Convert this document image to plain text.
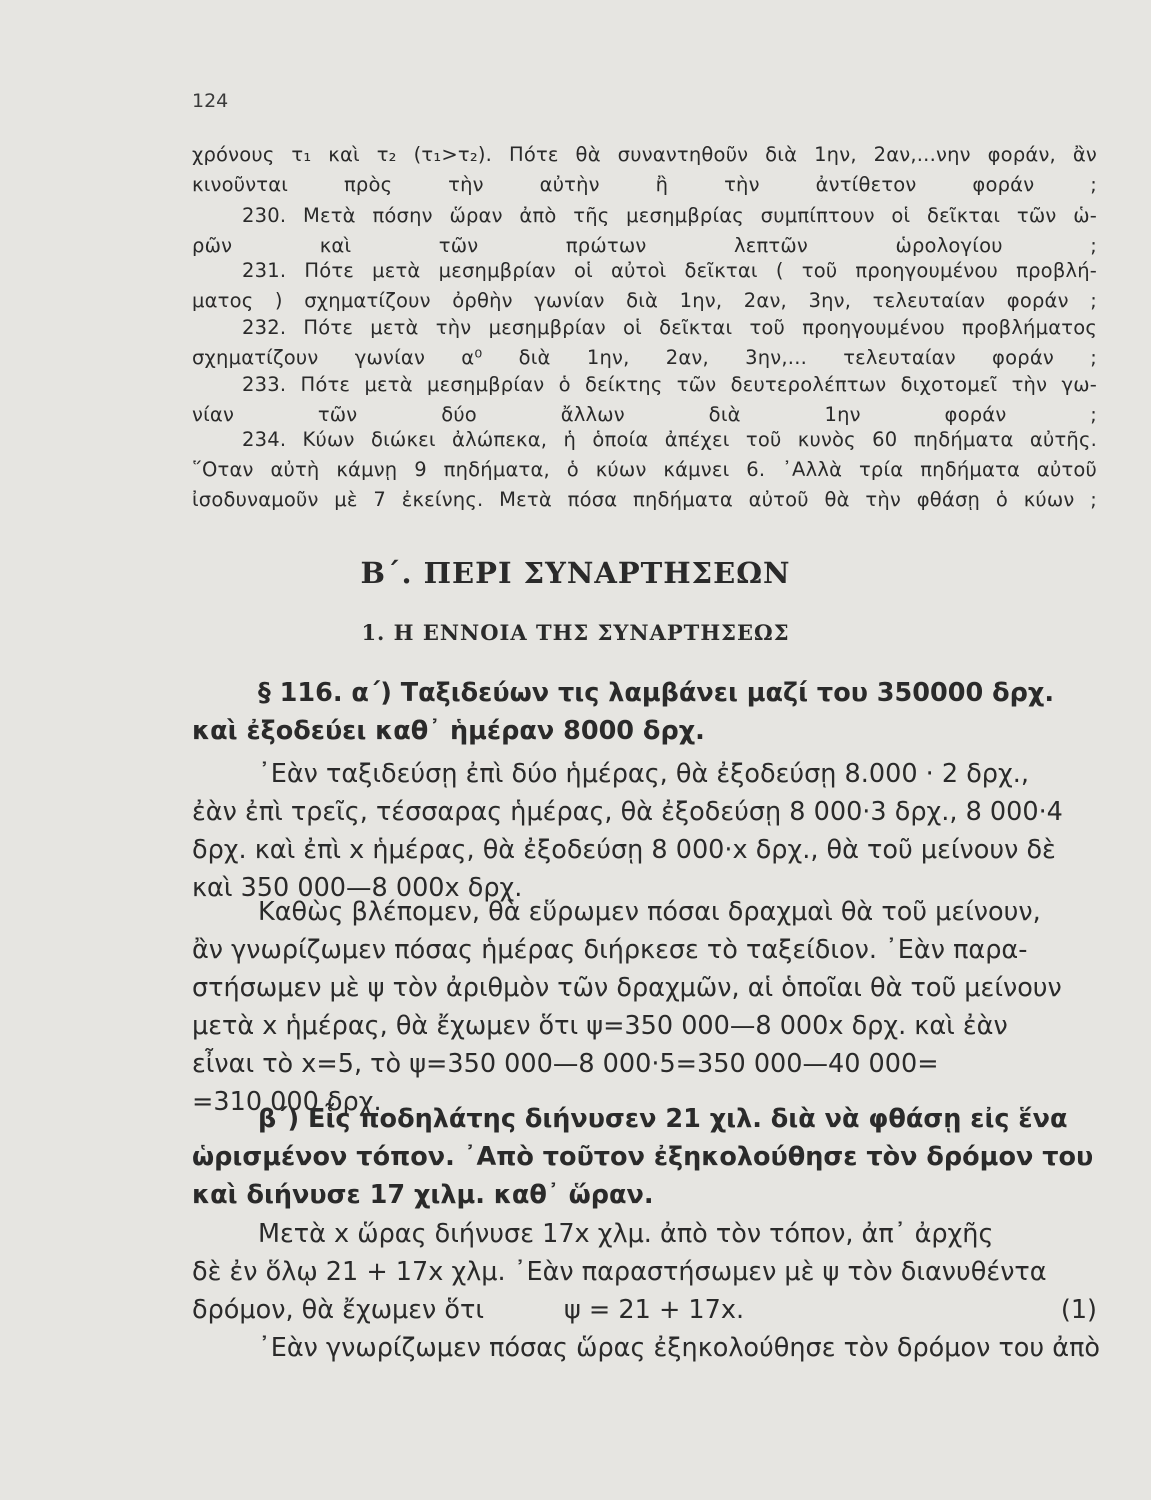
124
χρόνους τ₁ καὶ τ₂ (τ₁>τ₂). Πότε θὰ συναντηθοῦν διὰ 1ην, 2αν,...νην φοράν, ἂν
κινοῦνται πρὸς τὴν αὐτὴν ἢ τὴν ἀντίθετον φοράν ;
230. Μετὰ πόσην ὥραν ἀπὸ τῆς μεσημβρίας συμπίπτουν οἱ δεῖκται τῶν ὡ-
ρῶν καὶ τῶν πρώτων λεπτῶν ὡρολογίου ;
231. Πότε μετὰ μεσημβρίαν οἱ αὐτοὶ δεῖκται ( τοῦ προηγουμένου προβλή-
ματος ) σχηματίζουν ὀρθὴν γωνίαν διὰ 1ην, 2αν, 3ην, τελευταίαν φοράν ;
232. Πότε μετὰ τὴν μεσημβρίαν οἱ δεῖκται τοῦ προηγουμένου προβλήματος
σχηματίζουν γωνίαν α⁰ διὰ 1ην, 2αν, 3ην,... τελευταίαν φοράν ;
233. Πότε μετὰ μεσημβρίαν ὁ δείκτης τῶν δευτερολέπτων διχοτομεῖ τὴν γω-
νίαν τῶν δύο ἄλλων διὰ 1ην φοράν ;
234. Κύων διώκει ἀλώπεκα, ἡ ὁποία ἀπέχει τοῦ κυνὸς 60 πηδήματα αὐτῆς.
῞Οταν αὐτὴ κάμνῃ 9 πηδήματα, ὁ κύων κάμνει 6. ᾿Αλλὰ τρία πηδήματα αὐτοῦ
ἰσοδυναμοῦν μὲ 7 ἐκείνης. Μετὰ πόσα πηδήματα αὐτοῦ θὰ τὴν φθάσῃ ὁ κύων ;
Β΄. ΠΕΡΙ ΣΥΝΑΡΤΗΣΕΩΝ
1. Η ΕΝΝΟΙΑ ΤΗΣ ΣΥΝΑΡΤΗΣΕΩΣ
§ 116. α΄) Ταξιδεύων τις λαμβάνει μαζί του 350000 δρχ.
καὶ ἐξοδεύει καθ᾿ ἡμέραν 8000 δρχ.
᾿Εὰν ταξιδεύσῃ ἐπὶ δύο ἡμέρας, θὰ ἐξοδεύσῃ 8.000 · 2 δρχ.,
ἐὰν ἐπὶ τρεῖς, τέσσαρας ἡμέρας, θὰ ἐξοδεύσῃ 8 000·3 δρχ., 8 000·4
δρχ. καὶ ἐπὶ x ἡμέρας, θὰ ἐξοδεύσῃ 8 000·x δρχ., θὰ τοῦ μείνουν δὲ
καὶ 350 000—8 000x δρχ.
Καθὼς βλέπομεν, θὰ εὕρωμεν πόσαι δραχμαὶ θὰ τοῦ μείνουν,
ἂν γνωρίζωμεν πόσας ἡμέρας διήρκεσε τὸ ταξείδιον. ᾿Εὰν παρα-
στήσωμεν μὲ ψ τὸν ἀριθμὸν τῶν δραχμῶν, αἱ ὁποῖαι θὰ τοῦ μείνουν
μετὰ x ἡμέρας, θὰ ἔχωμεν ὅτι ψ=350 000—8 000x δρχ. καὶ ἐὰν
εἶναι τὸ x=5, τὸ ψ=350 000—8 000·5=350 000—40 000=
=310 000 δρχ.
β΄) Εἷς ποδηλάτης διήνυσεν 21 χιλ. διὰ νὰ φθάσῃ εἰς ἕνα
ὡρισμένον τόπον. ᾿Απὸ τοῦτον ἐξηκολούθησε τὸν δρόμον του
καὶ διήνυσε 17 χιλμ. καθ᾿ ὥραν.
Μετὰ x ὥρας διήνυσε 17x χλμ. ἀπὸ τὸν τόπον, ἀπ᾿ ἀρχῆς
δὲ ἐν ὅλῳ 21 + 17x χλμ. ᾿Εὰν παραστήσωμεν μὲ ψ τὸν διανυθέντα
δρόμον, θὰ ἔχωμεν ὅτι	ψ = 21 + 17x.	(1)
᾿Εὰν γνωρίζωμεν πόσας ὥρας ἐξηκολούθησε τὸν δρόμον του ἀπὸ
